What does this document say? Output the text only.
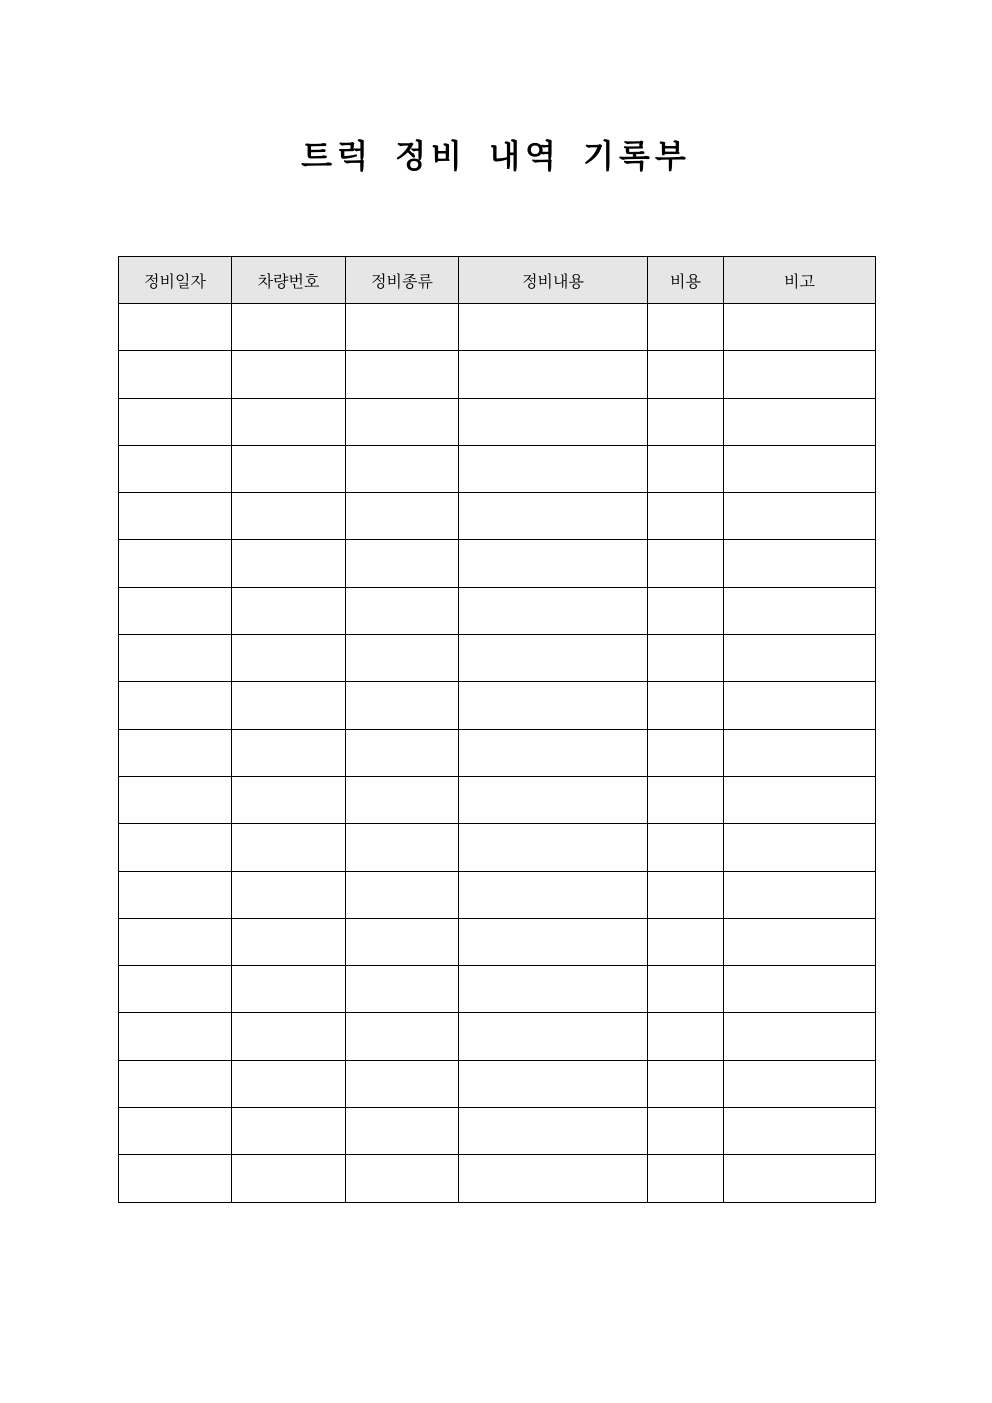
트럭 정비 내역 기록부
정비일자	차량번호	정비종류	정비내용	비용	비고
